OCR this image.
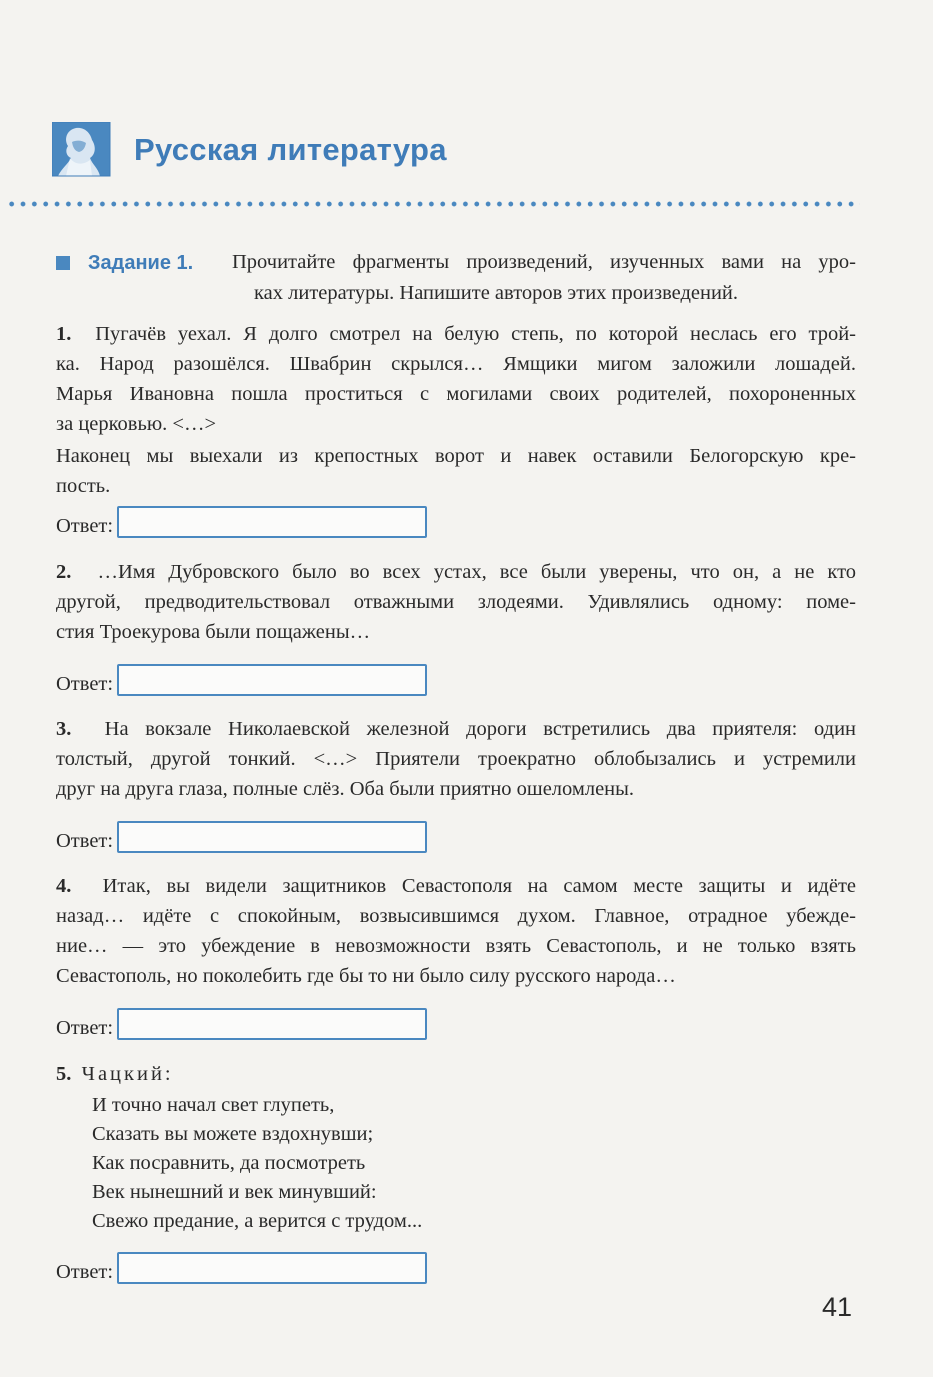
Русская литература
Задание 1. Прочитайте фрагменты произведений, изученных вами на уро-
ках литературы. Напишите авторов этих произведений.
1. Пугачёв уехал. Я долго смотрел на белую степь, по которой неслась его трой-
ка. Народ разошёлся. Швабрин скрылся… Ямщики мигом заложили лошадей.
Марья Ивановна пошла проститься с могилами своих родителей, похороненных
за церковью. <…>
Наконец мы выехали из крепостных ворот и навек оставили Белогорскую кре-
пость.
Ответ:
2. …Имя Дубровского было во всех устах, все были уверены, что он, а не кто
другой, предводительствовал отважными злодеями. Удивлялись одному: поме-
стия Троекурова были пощажены…
Ответ:
3. На вокзале Николаевской железной дороги встретились два приятеля: один
толстый, другой тонкий. <…> Приятели троекратно облобызались и устремили
друг на друга глаза, полные слёз. Оба были приятно ошеломлены.
Ответ:
4. Итак, вы видели защитников Севастополя на самом месте защиты и идёте
назад… идёте с спокойным, возвысившимся духом. Главное, отрадное убежде-
ние… — это убеждение в невозможности взять Севастополь, и не только взять
Севастополь, но поколебить где бы то ни было силу русского народа…
Ответ:
5. Чацкий:
И точно начал свет глупеть,
Сказать вы можете вздохнувши;
Как посравнить, да посмотреть
Век нынешний и век минувший:
Свежо предание, а верится с трудом...
Ответ:
41
